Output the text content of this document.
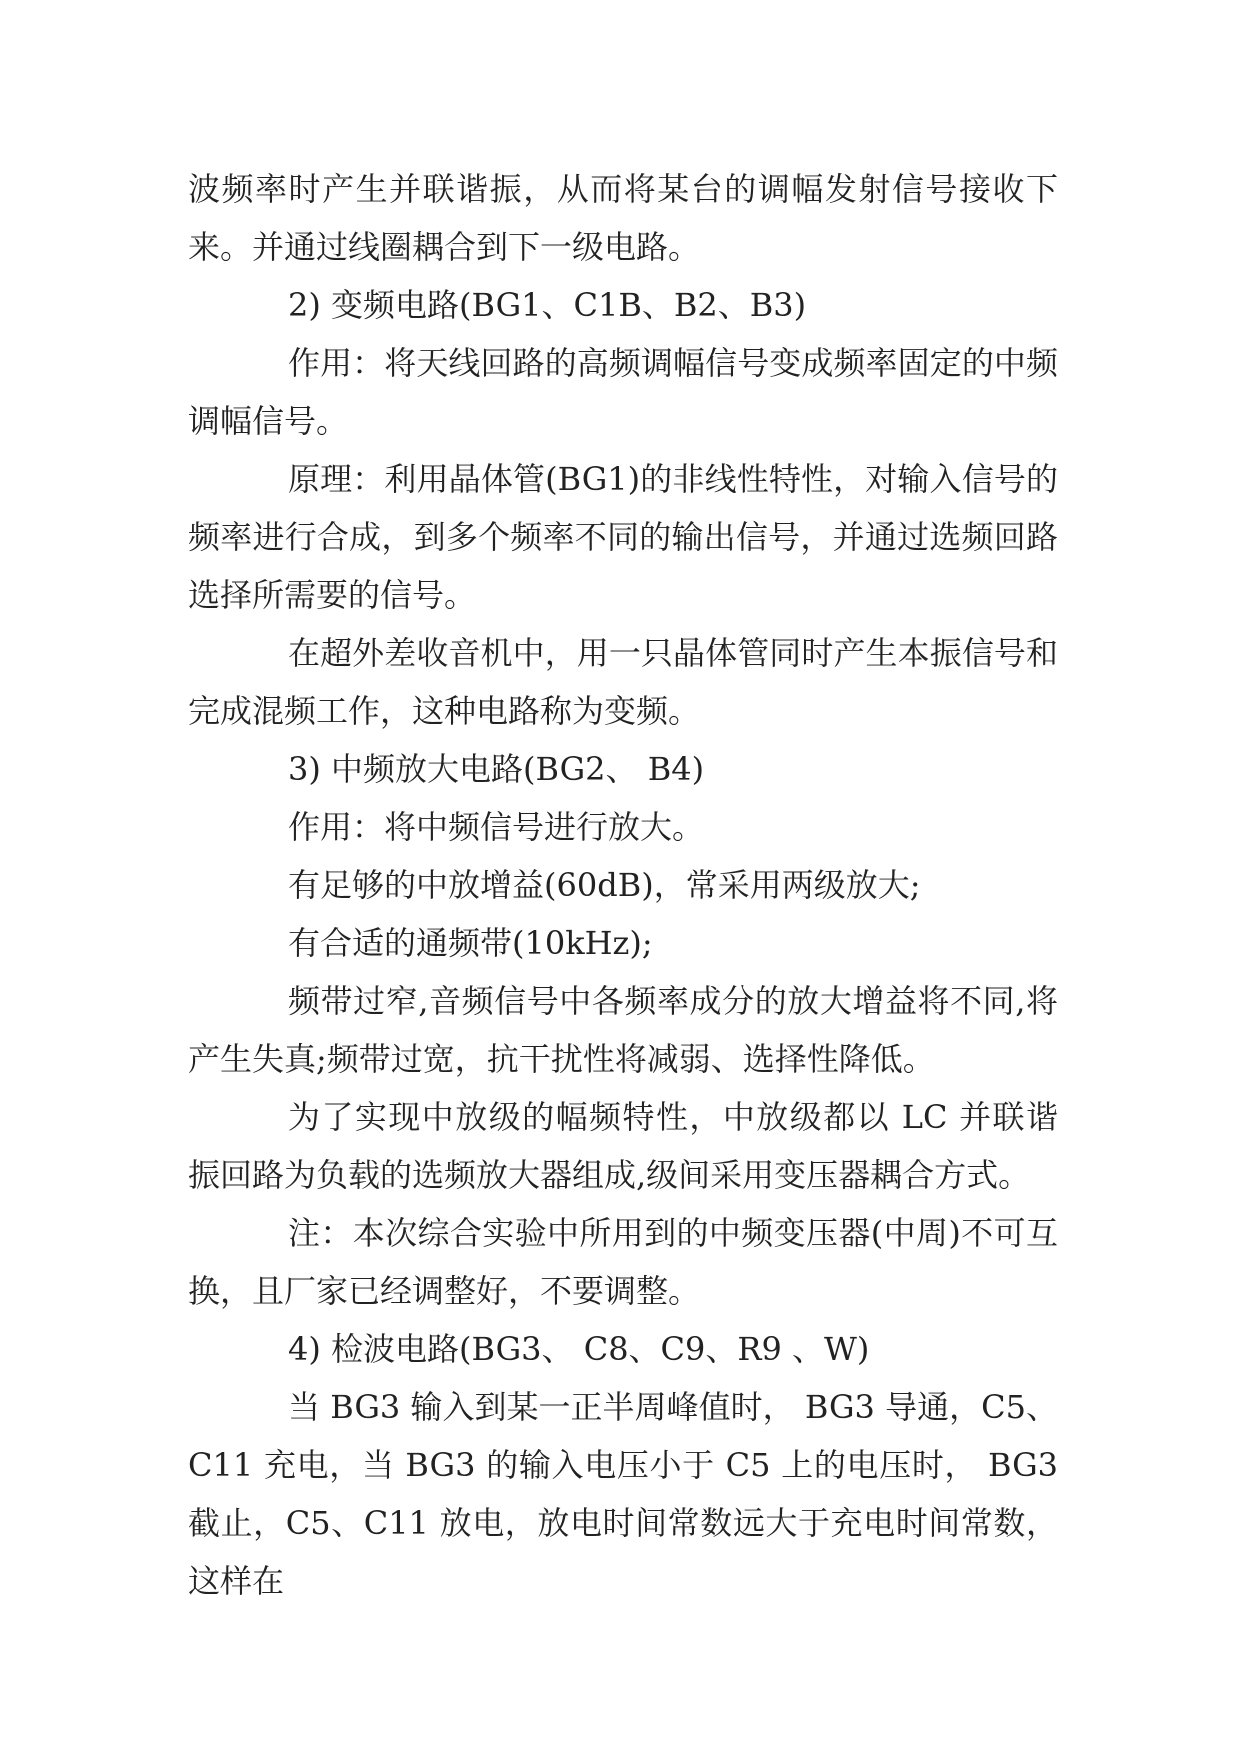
波频率时产生并联谐振，从而将某台的调幅发射信号接收下来。并通过线圈耦合到下一级电路。

2) 变频电路(BG1、C1B、B2、B3)

作用：将天线回路的高频调幅信号变成频率固定的中频调幅信号。

原理：利用晶体管(BG1)的非线性特性，对输入信号的频率进行合成，到多个频率不同的输出信号，并通过选频回路选择所需要的信号。

在超外差收音机中，用一只晶体管同时产生本振信号和完成混频工作，这种电路称为变频。

3) 中频放大电路(BG2、 B4)

作用：将中频信号进行放大。

有足够的中放增益(60dB)，常采用两级放大;

有合适的通频带(10kHz);

频带过窄,音频信号中各频率成分的放大增益将不同,将产生失真;频带过宽，抗干扰性将减弱、选择性降低。

为了实现中放级的幅频特性，中放级都以 LC 并联谐振回路为负载的选频放大器组成,级间采用变压器耦合方式。

注：本次综合实验中所用到的中频变压器(中周)不可互换，且厂家已经调整好，不要调整。

4) 检波电路(BG3、 C8、C9、R9 、W)

当 BG3 输入到某一正半周峰值时， BG3 导通，C5、C11 充电，当 BG3 的输入电压小于 C5 上的电压时， BG3 截止，C5、C11 放电，放电时间常数远大于充电时间常数，这样在
